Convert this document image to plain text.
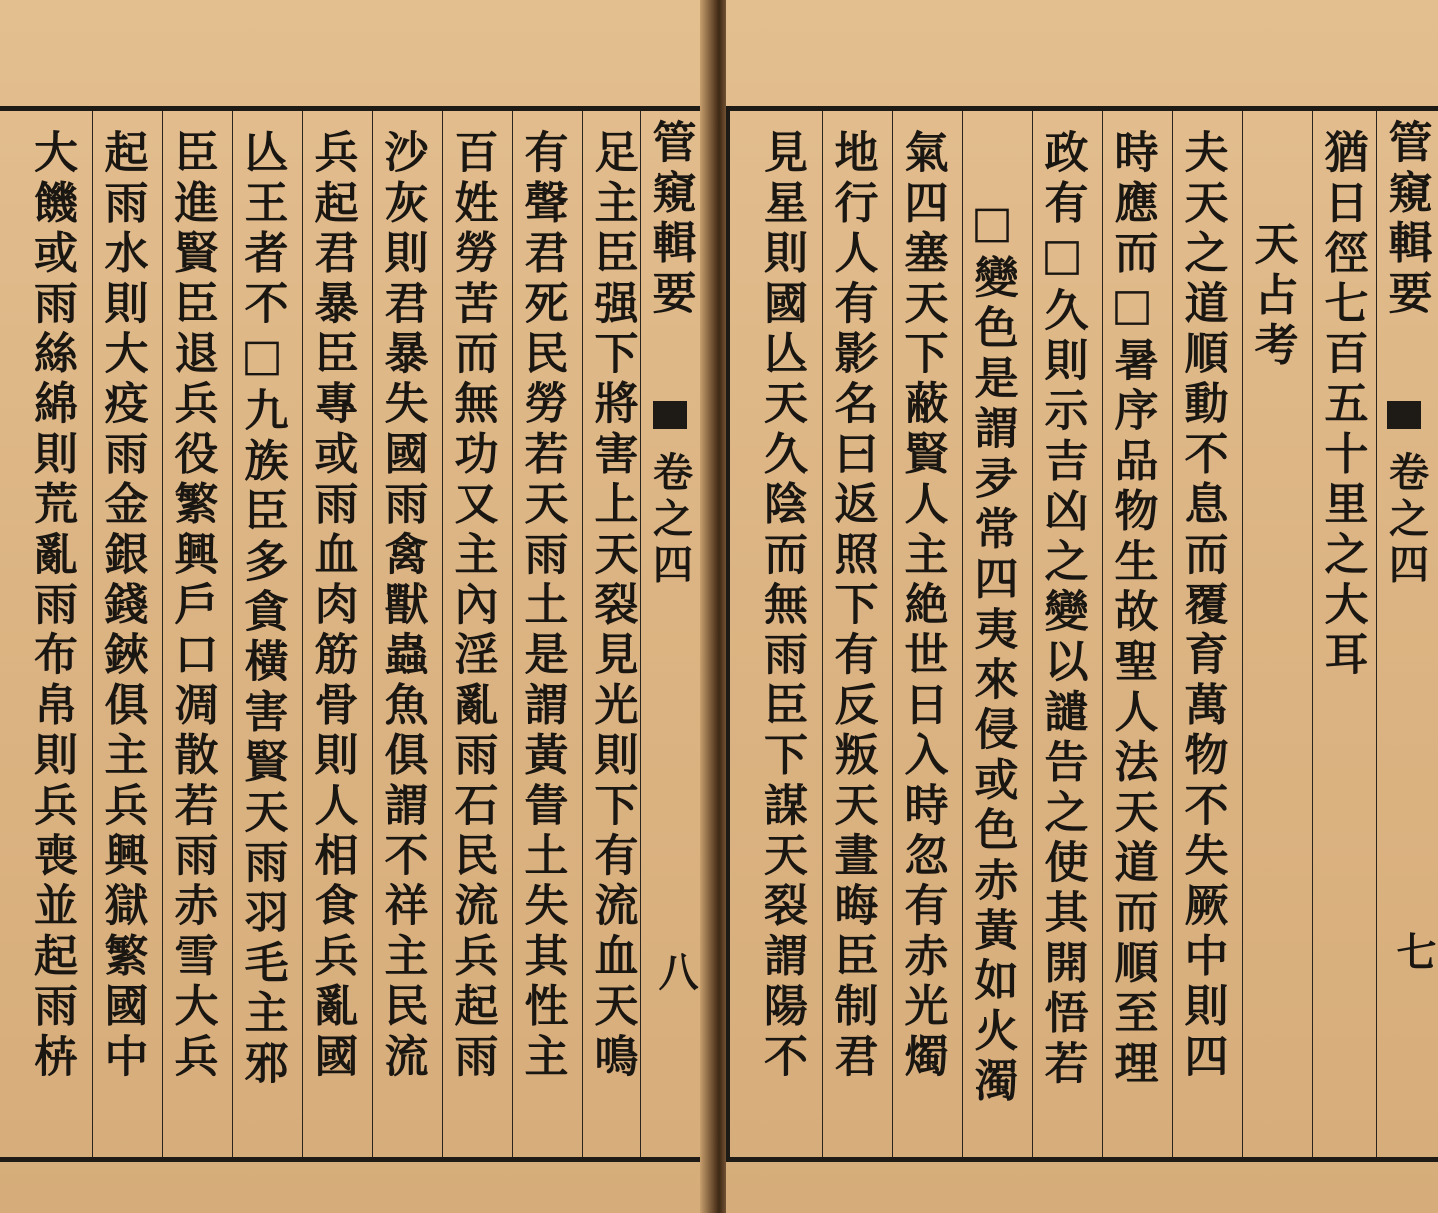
管窺輯要
卷之四
八
足主臣强下將害上天裂見光則下有流血天鳴
有聲君死民勞若天雨土是謂黃眚土失其性主
百姓勞苦而無功又主內淫亂雨石民流兵起雨
沙灰則君暴失國雨禽獸蟲魚俱謂不祥主民流
兵起君暴臣專或雨血肉筋骨則人相食兵亂國
亾王者不□九族臣多貪橫害賢天雨羽毛主邪
臣進賢臣退兵役繁興戶口凋散若雨赤雪大兵
起雨水則大疫雨金銀錢鋏俱主兵興獄繁國中
大饑或雨絲綿則荒亂雨布帛則兵喪並起雨枿	管窺輯要
卷之四
七
猶日徑七百五十里之大耳
天占考
夫天之道順動不息而覆育萬物不失厥中則四
時應而□暑序品物生故聖人法天道而順至理
政有□久則示吉凶之變以譴告之使其開悟若
□變色是謂夛常四夷來侵或色赤黃如火濁
氣四塞天下蔽賢人主絶世日入時忽有赤光燭
地行人有影名曰返照下有反叛天晝晦臣制君
見星則國亾天久陰而無雨臣下謀天裂謂陽不
